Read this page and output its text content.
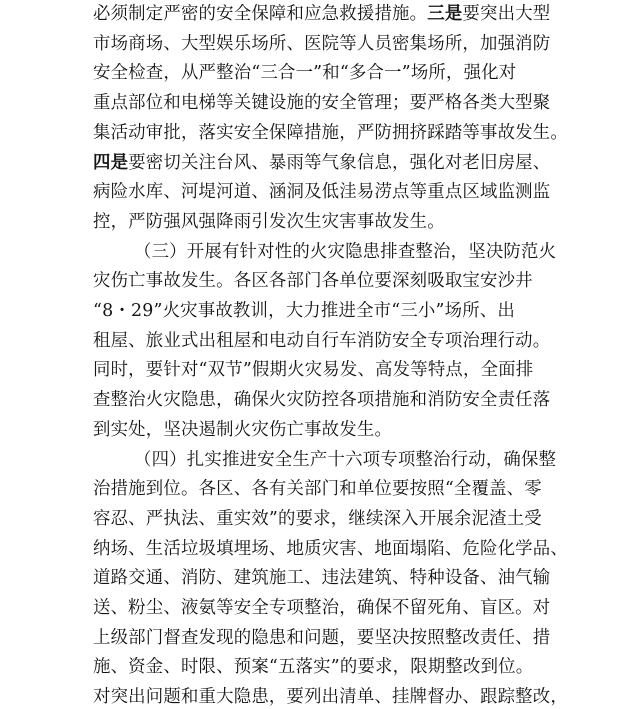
必须制定严密的安全保障和应急救援措施。三是要突出大型
市场商场、大型娱乐场所、医院等人员密集场所，加强消防
安全检查，从严整治“三合一”和“多合一”场所，强化对
重点部位和电梯等关键设施的安全管理；要严格各类大型聚
集活动审批，落实安全保障措施，严防拥挤踩踏等事故发生。
四是要密切关注台风、暴雨等气象信息，强化对老旧房屋、
病险水库、河堤河道、涵洞及低洼易涝点等重点区域监测监
控，严防强风强降雨引发次生灾害事故发生。
（三）开展有针对性的火灾隐患排查整治，坚决防范火
灾伤亡事故发生。各区各部门各单位要深刻吸取宝安沙井
“8・29”火灾事故教训，大力推进全市“三小”场所、出
租屋、旅业式出租屋和电动自行车消防安全专项治理行动。
同时，要针对“双节”假期火灾易发、高发等特点，全面排
查整治火灾隐患，确保火灾防控各项措施和消防安全责任落
到实处，坚决遏制火灾伤亡事故发生。
（四）扎实推进安全生产十六项专项整治行动，确保整
治措施到位。各区、各有关部门和单位要按照“全覆盖、零
容忍、严执法、重实效”的要求，继续深入开展余泥渣土受
纳场、生活垃圾填埋场、地质灾害、地面塌陷、危险化学品、
道路交通、消防、建筑施工、违法建筑、特种设备、油气输
送、粉尘、液氨等安全专项整治，确保不留死角、盲区。对
上级部门督查发现的隐患和问题，要坚决按照整改责任、措
施、资金、时限、预案“五落实”的要求，限期整改到位。
对突出问题和重大隐患，要列出清单、挂牌督办、跟踪整改，
